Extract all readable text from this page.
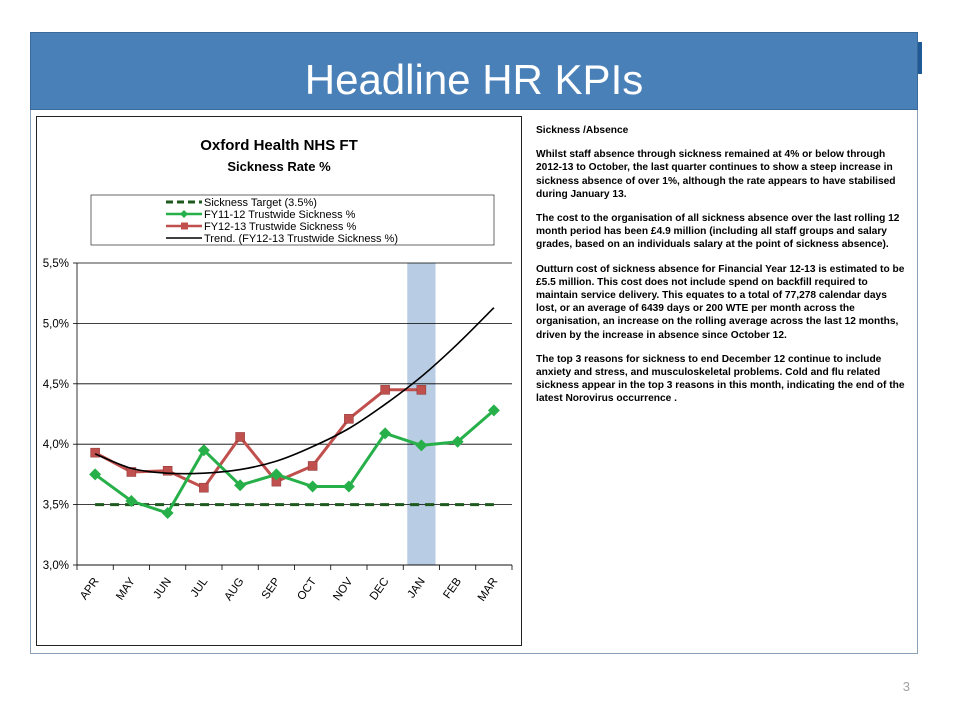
Headline HR KPIs
Oxford Health NHS FT
Sickness Rate %
Sickness Target (3.5%)
FY11-12 Trustwide Sickness %
FY12-13 Trustwide Sickness %
Trend. (FY12-13 Trustwide Sickness %)
3,0%
3,5%
4,0%
4,5%
5,0%
5,5%
APR MAY JUN JUL AUG SEP OCT NOV DEC JAN FEB MAR
Sickness /Absence

Whilst staff absence through sickness remained at 4% or below through 2012-13 to October, the last quarter continues to show a steep increase in sickness absence of over 1%, although the rate appears to have stabilised during January 13.

The cost to the organisation of all sickness absence over the last rolling 12 month period has been £4.9 million (including all staff groups and salary grades, based on an individuals salary at the point of sickness absence).

Outturn cost of sickness absence for Financial Year 12-13 is estimated to be £5.5 million. This cost does not include spend on backfill required to maintain service delivery. This equates to a total of 77,278 calendar days lost, or an average of 6439 days or 200 WTE per month across the organisation, an increase on the rolling average across the last 12 months, driven by the increase in absence since October 12.

The top 3 reasons for sickness to end December 12 continue to include anxiety and stress, and musculoskeletal problems. Cold and flu related sickness appear in the top 3 reasons in this month, indicating the end of the latest Norovirus occurrence .

3
